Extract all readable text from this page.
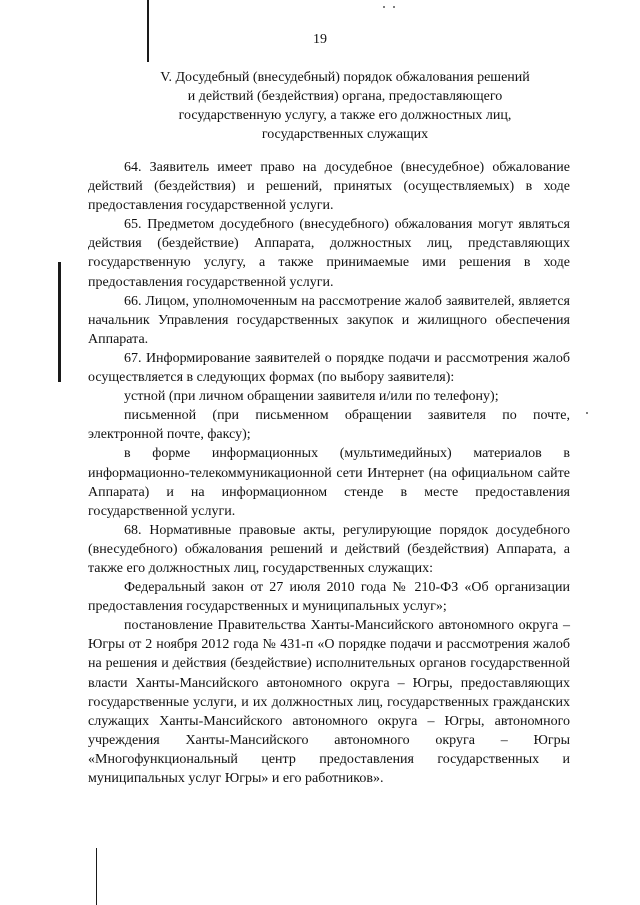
19
V. Досудебный (внесудебный) порядок обжалования решений
и действий (бездействия) органа, предоставляющего
государственную услугу, а также его должностных лиц,
государственных служащих

64. Заявитель имеет право на досудебное (внесудебное) обжалование действий (бездействия) и решений, принятых (осуществляемых) в ходе предоставления государственной услуги.

65. Предметом досудебного (внесудебного) обжалования могут являться действия (бездействие) Аппарата, должностных лиц, представляющих государственную услугу, а также принимаемые ими решения в ходе предоставления государственной услуги.

66. Лицом, уполномоченным на рассмотрение жалоб заявителей, является начальник Управления государственных закупок и жилищного обеспечения Аппарата.

67. Информирование заявителей о порядке подачи и рассмотрения жалоб осуществляется в следующих формах (по выбору заявителя):

устной (при личном обращении заявителя и/или по телефону);

письменной (при письменном обращении заявителя по почте, электронной почте, факсу);

в форме информационных (мультимедийных) материалов в информационно-телекоммуникационной сети Интернет (на официальном сайте Аппарата) и на информационном стенде в месте предоставления государственной услуги.

68. Нормативные правовые акты, регулирующие порядок досудебного (внесудебного) обжалования решений и действий (бездействия) Аппарата, а также его должностных лиц, государственных служащих:

Федеральный закон от 27 июля 2010 года № 210-ФЗ «Об организации предоставления государственных и муниципальных услуг»;

постановление Правительства Ханты-Мансийского автономного округа – Югры от 2 ноября 2012 года № 431-п «О порядке подачи и рассмотрения жалоб на решения и действия (бездействие) исполнительных органов государственной власти Ханты-Мансийского автономного округа – Югры, предоставляющих государственные услуги, и их должностных лиц, государственных гражданских служащих Ханты-Мансийского автономного округа – Югры, автономного учреждения Ханты-Мансийского автономного округа – Югры «Многофункциональный центр предоставления государственных и муниципальных услуг Югры» и его работников».
